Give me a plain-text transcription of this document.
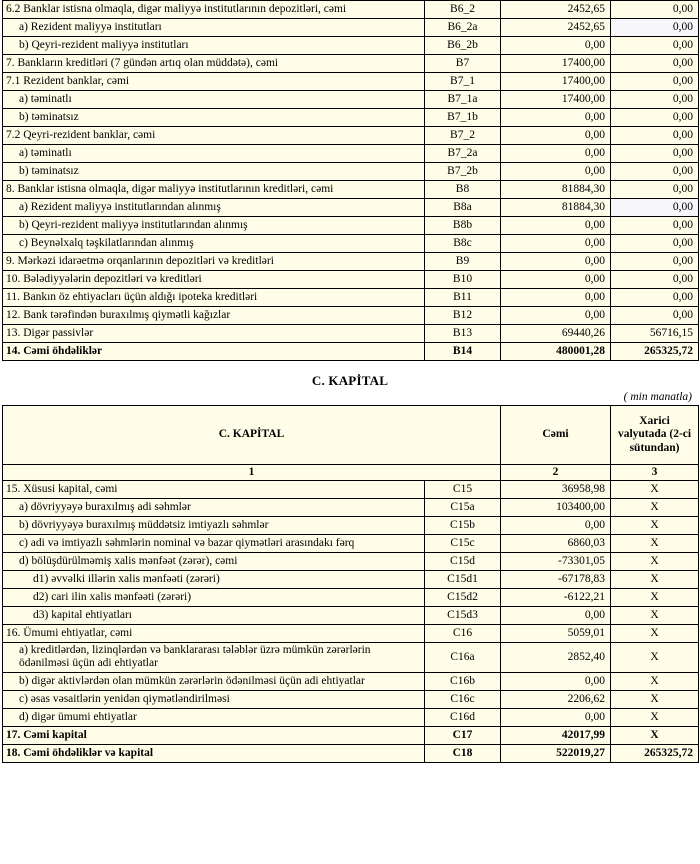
6.2 Banklar istisna olmaqla, digər maliyyə institutlarının depozitləri, cəmi	B6_2	2452,65	0,00
a) Rezident maliyyə institutları	B6_2a	2452,65	0,00
b) Qeyri-rezident maliyyə institutları	B6_2b	0,00	0,00
7. Bankların kreditləri (7 gündən artıq olan müddətə), cəmi	B7	17400,00	0,00
7.1 Rezident banklar, cəmi	B7_1	17400,00	0,00
a) təminatlı	B7_1a	17400,00	0,00
b) təminatsız	B7_1b	0,00	0,00
7.2 Qeyri-rezident banklar, cəmi	B7_2	0,00	0,00
a) təminatlı	B7_2a	0,00	0,00
b) təminatsız	B7_2b	0,00	0,00
8. Banklar istisna olmaqla, digər maliyyə institutlarının kreditləri, cəmi	B8	81884,30	0,00
a) Rezident maliyyə institutlarından alınmış	B8a	81884,30	0,00
b) Qeyri-rezident maliyyə institutlarından alınmış	B8b	0,00	0,00
c) Beynəlxalq təşkilatlarından alınmış	B8c	0,00	0,00
9. Mərkəzi idarəetmə orqanlarının depozitləri və kreditləri	B9	0,00	0,00
10. Bələdiyyələrin depozitləri və kreditləri	B10	0,00	0,00
11. Bankın öz ehtiyacları üçün aldığı ipoteka kreditləri	B11	0,00	0,00
12. Bank tərəfindən buraxılmış qiymətli kağızlar	B12	0,00	0,00
13. Digər passivlər	B13	69440,26	56716,15
14. Cəmi öhdəliklər	B14	480001,28	265325,72
C. KAPİTAL
( min manatla)
C. KAPİTAL		Cəmi	Xarici valyutada (2-ci sütundan)
1		2	3
15. Xüsusi kapital, cəmi	C15	36958,98	X
a) dövriyyəyə buraxılmış adi səhmlər	C15a	103400,00	X
b) dövriyyəyə buraxılmış müddətsiz imtiyazlı səhmlər	C15b	0,00	X
c) adi və imtiyazlı səhmlərin nominal və bazar qiymətləri arasındakı fərq	C15c	6860,03	X
d) bölüşdürülməmiş xalis mənfəət (zərər), cəmi	C15d	-73301,05	X
d1) əvvəlki illərin xalis mənfəəti (zərəri)	C15d1	-67178,83	X
d2) cari ilin xalis mənfəəti (zərəri)	C15d2	-6122,21	X
d3) kapital ehtiyatları	C15d3	0,00	X
16. Ümumi ehtiyatlar, cəmi	C16	5059,01	X
a) kreditlərdən, lizinqlərdən və banklararası tələblər üzrə mümkün zərərlərin ödənilməsi üçün adi ehtiyatlar	C16a	2852,40	X
b) digər aktivlərdən olan mümkün zərərlərin ödənilməsi üçün adi ehtiyatlar	C16b	0,00	X
c) əsas vəsaitlərin yenidən qiymətləndirilməsi	C16c	2206,62	X
d) digər ümumi ehtiyatlar	C16d	0,00	X
17. Cəmi kapital	C17	42017,99	X
18. Cəmi öhdəliklər və kapital	C18	522019,27	265325,72
